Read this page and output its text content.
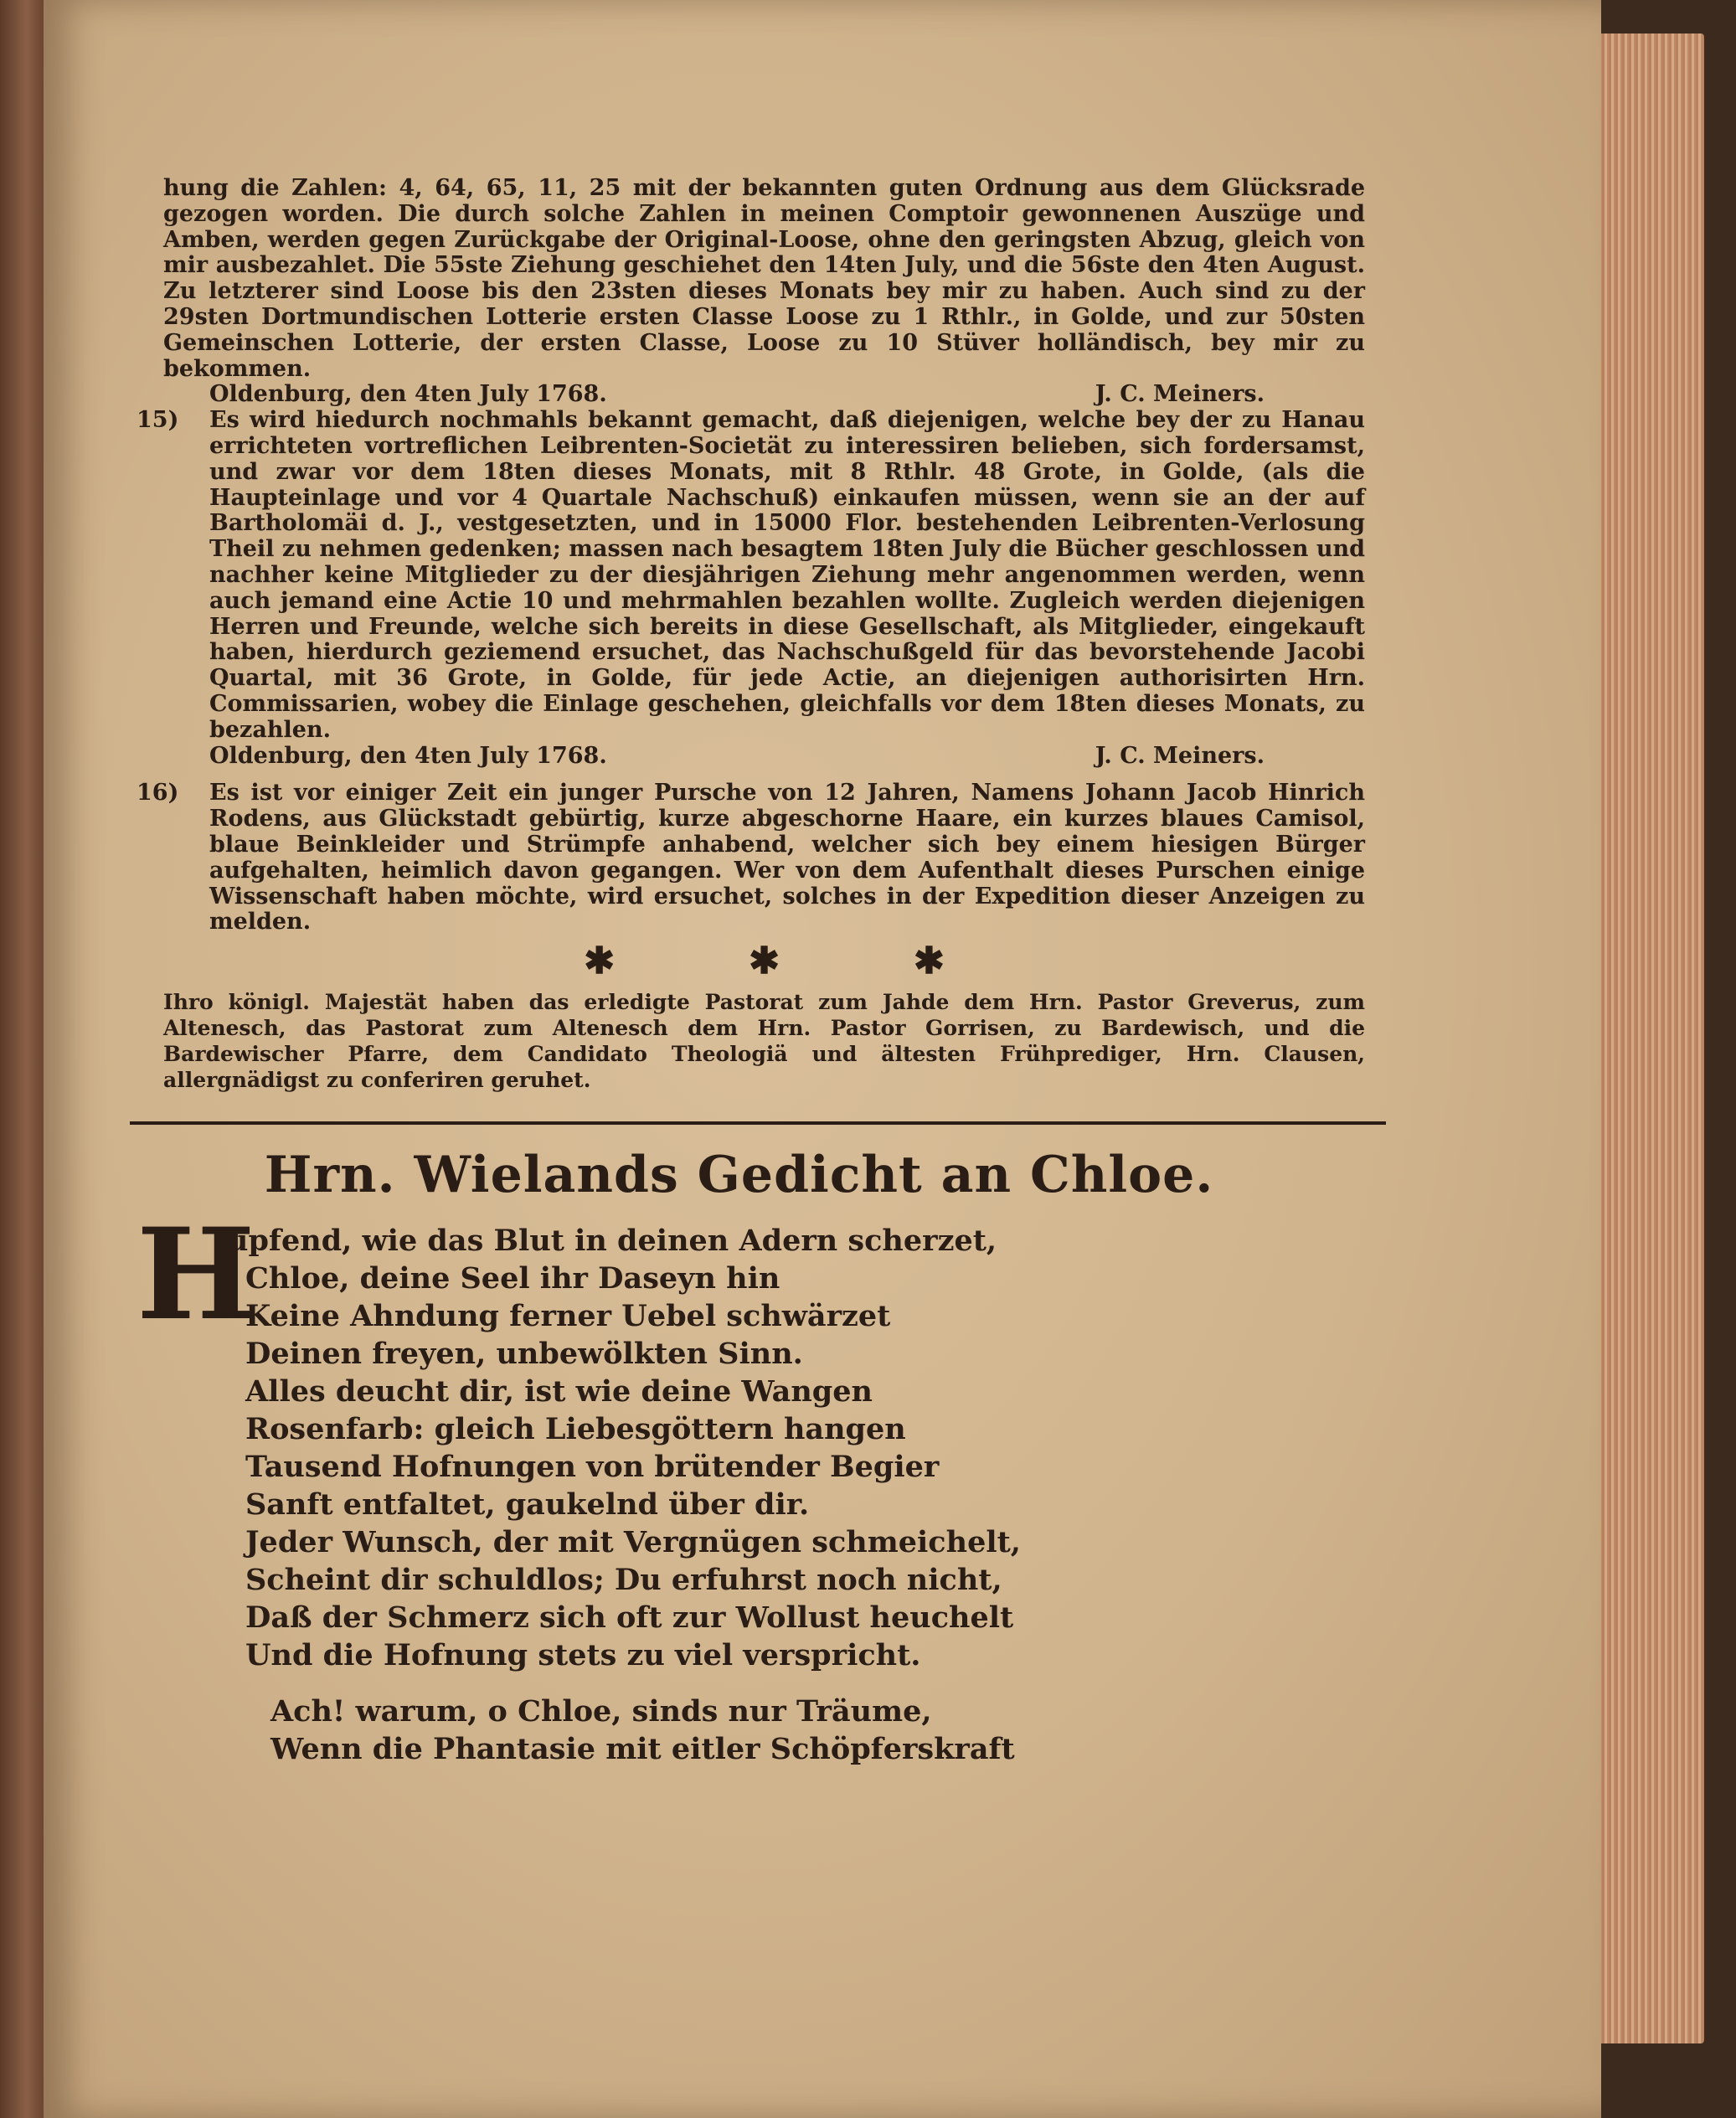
hung die Zahlen: 4, 64, 65, 11, 25 mit der bekannten guten Ordnung aus dem Glücksrade gezogen worden. Die durch solche Zahlen in meinen Comptoir gewonnenen Auszüge und Amben, werden gegen Zurückgabe der Original-Loose, ohne den geringsten Abzug, gleich von mir ausbezahlet. Die 55ste Ziehung geschiehet den 14ten July, und die 56ste den 4ten August. Zu letzterer sind Loose bis den 23sten dieses Monats bey mir zu haben. Auch sind zu der 29sten Dortmundischen Lotterie ersten Classe Loose zu 1 Rthlr., in Golde, und zur 50sten Gemeinschen Lotterie, der ersten Classe, Loose zu 10 Stüver holländisch, bey mir zu bekommen.
Oldenburg, den 4ten July 1768.	J. C. Meiners.
15) Es wird hiedurch nochmahls bekannt gemacht, daß diejenigen, welche bey der zu Hanau errichteten vortreflichen Leibrenten-Societät zu interessiren belieben, sich fordersamst, und zwar vor dem 18ten dieses Monats, mit 8 Rthlr. 48 Grote, in Golde, (als die Haupteinlage und vor 4 Quartale Nachschuß) einkaufen müssen, wenn sie an der auf Bartholomäi d. J., vestgesetzten, und in 15000 Flor. bestehenden Leibrenten-Verlosung Theil zu nehmen gedenken; massen nach besagtem 18ten July die Bücher geschlossen und nachher keine Mitglieder zu der diesjährigen Ziehung mehr angenommen werden, wenn auch jemand eine Actie 10 und mehrmahlen bezahlen wollte. Zugleich werden diejenigen Herren und Freunde, welche sich bereits in diese Gesellschaft, als Mitglieder, eingekauft haben, hierdurch geziemend ersuchet, das Nachschußgeld für das bevorstehende Jacobi Quartal, mit 36 Grote, in Golde, für jede Actie, an diejenigen authorisirten Hrn. Commissarien, wobey die Einlage geschehen, gleichfalls vor dem 18ten dieses Monats, zu bezahlen.
Oldenburg, den 4ten July 1768.	J. C. Meiners.
16) Es ist vor einiger Zeit ein junger Pursche von 12 Jahren, Namens Johann Jacob Hinrich Rodens, aus Glückstadt gebürtig, kurze abgeschorne Haare, ein kurzes blaues Camisol, blaue Beinkleider und Strümpfe anhabend, welcher sich bey einem hiesigen Bürger aufgehalten, heimlich davon gegangen. Wer von dem Aufenthalt dieses Purschen einige Wissenschaft haben möchte, wird ersuchet, solches in der Expedition dieser Anzeigen zu melden.
✱	✱	✱
Ihro königl. Majestät haben das erledigte Pastorat zum Jahde dem Hrn. Pastor Greverus, zum Altenesch, das Pastorat zum Altenesch dem Hrn. Pastor Gorrisen, zu Bardewisch, und die Bardewischer Pfarre, dem Candidato Theologiä und ältesten Frühprediger, Hrn. Clausen, allergnädigst zu conferiren geruhet.
Hrn. Wielands Gedicht an Chloe.
H
üpfend, wie das Blut in deinen Adern scherzet,
Chloe, deine Seel ihr Daseyn hin
Keine Ahndung ferner Uebel schwärzet
Deinen freyen, unbewölkten Sinn.
Alles deucht dir, ist wie deine Wangen
Rosenfarb: gleich Liebesgöttern hangen
Tausend Hofnungen von brütender Begier
Sanft entfaltet, gaukelnd über dir.
Jeder Wunsch, der mit Vergnügen schmeichelt,
Scheint dir schuldlos; Du erfuhrst noch nicht,
Daß der Schmerz sich oft zur Wollust heuchelt
Und die Hofnung stets zu viel verspricht.
Ach! warum, o Chloe, sinds nur Träume,
Wenn die Phantasie mit eitler Schöpferskraft
